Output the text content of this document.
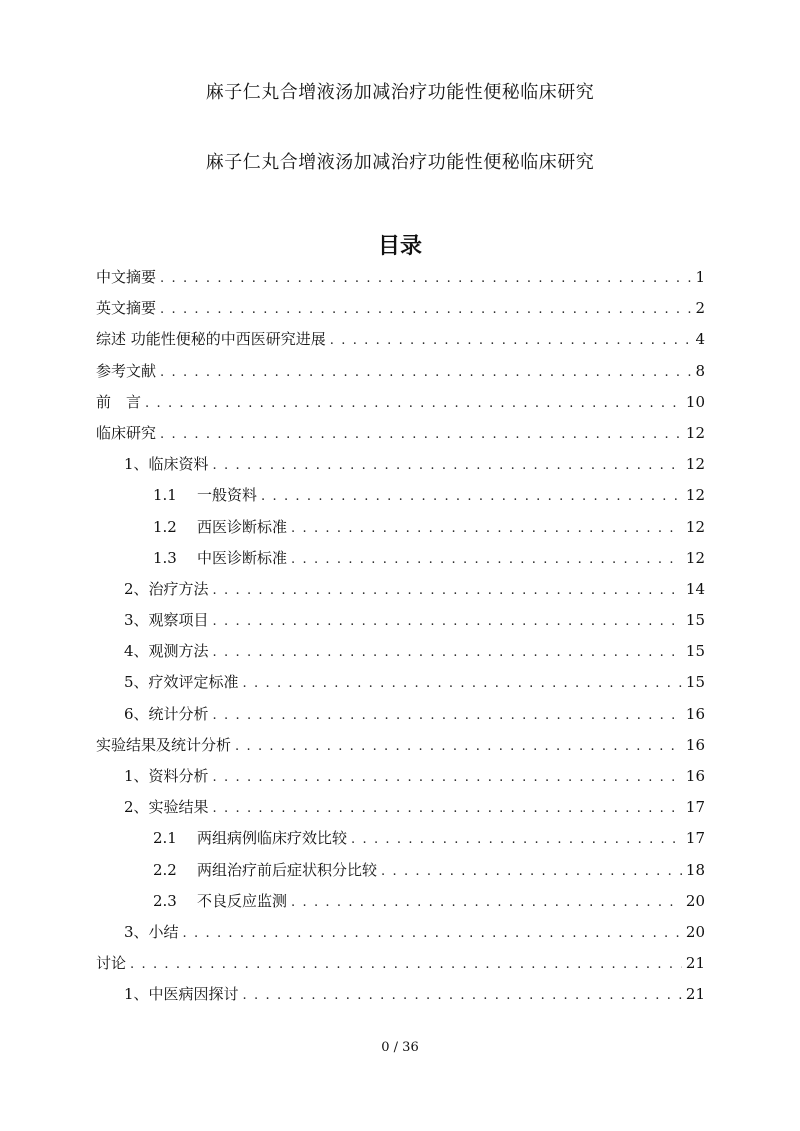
麻子仁丸合增液汤加减治疗功能性便秘临床研究
麻子仁丸合增液汤加减治疗功能性便秘临床研究
目录
中文摘要 . . .	1
英文摘要 . . .	2
综述 功能性便秘的中西医研究进展 . . .	4
参考文献 . . .	8
前　言 . . .	10
临床研究 . . .	12
1、临床资料 . . .	12
1.1 一般资料 . . .	12
1.2 西医诊断标准 . . .	12
1.3 中医诊断标准 . . .	12
2、治疗方法 . . .	14
3、观察项目 . . .	15
4、观测方法 . . .	15
5、疗效评定标准 . . .	15
6、统计分析 . . .	16
实验结果及统计分析 . . .	16
1、资料分析 . . .	16
2、实验结果 . . .	17
2.1 两组病例临床疗效比较 . . .	17
2.2 两组治疗前后症状积分比较 . . .	18
2.3 不良反应监测 . . .	20
3、小结 . . .	20
讨论 . . .	21
1、中医病因探讨 . . .	21
0 / 36
